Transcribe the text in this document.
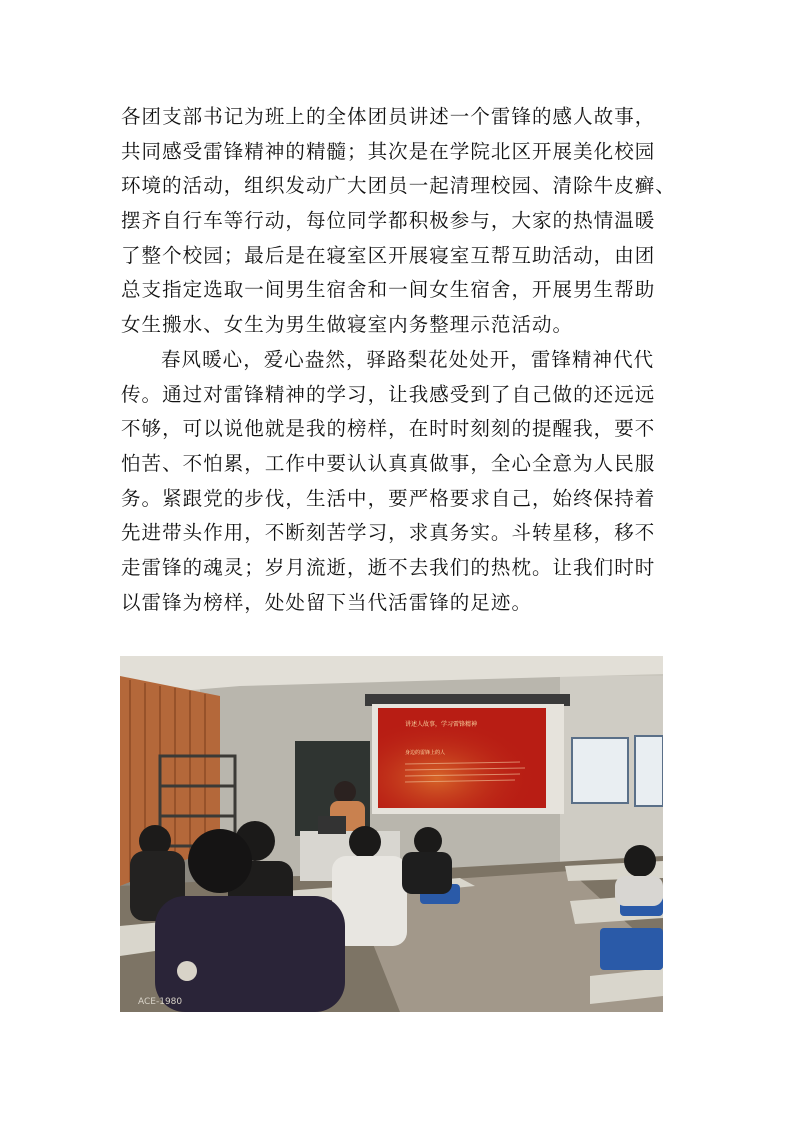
各团支部书记为班上的全体团员讲述一个雷锋的感人故事，
共同感受雷锋精神的精髓；其次是在学院北区开展美化校园
环境的活动，组织发动广大团员一起清理校园、清除牛皮癣、
摆齐自行车等行动，每位同学都积极参与，大家的热情温暖
了整个校园；最后是在寝室区开展寝室互帮互助活动，由团
总支指定选取一间男生宿舍和一间女生宿舍，开展男生帮助
女生搬水、女生为男生做寝室内务整理示范活动。
春风暖心，爱心盎然，驿路梨花处处开，雷锋精神代代
传。通过对雷锋精神的学习，让我感受到了自己做的还远远
不够，可以说他就是我的榜样，在时时刻刻的提醒我，要不
怕苦、不怕累，工作中要认认真真做事，全心全意为人民服
务。紧跟党的步伐，生活中，要严格要求自己，始终保持着
先进带头作用，不断刻苦学习，求真务实。斗转星移，移不
走雷锋的魂灵；岁月流逝，逝不去我们的热枕。让我们时时
以雷锋为榜样，处处留下当代活雷锋的足迹。
讲述人故事，学习雷锋精神
身边的雷锋上的人
ACE-1980
